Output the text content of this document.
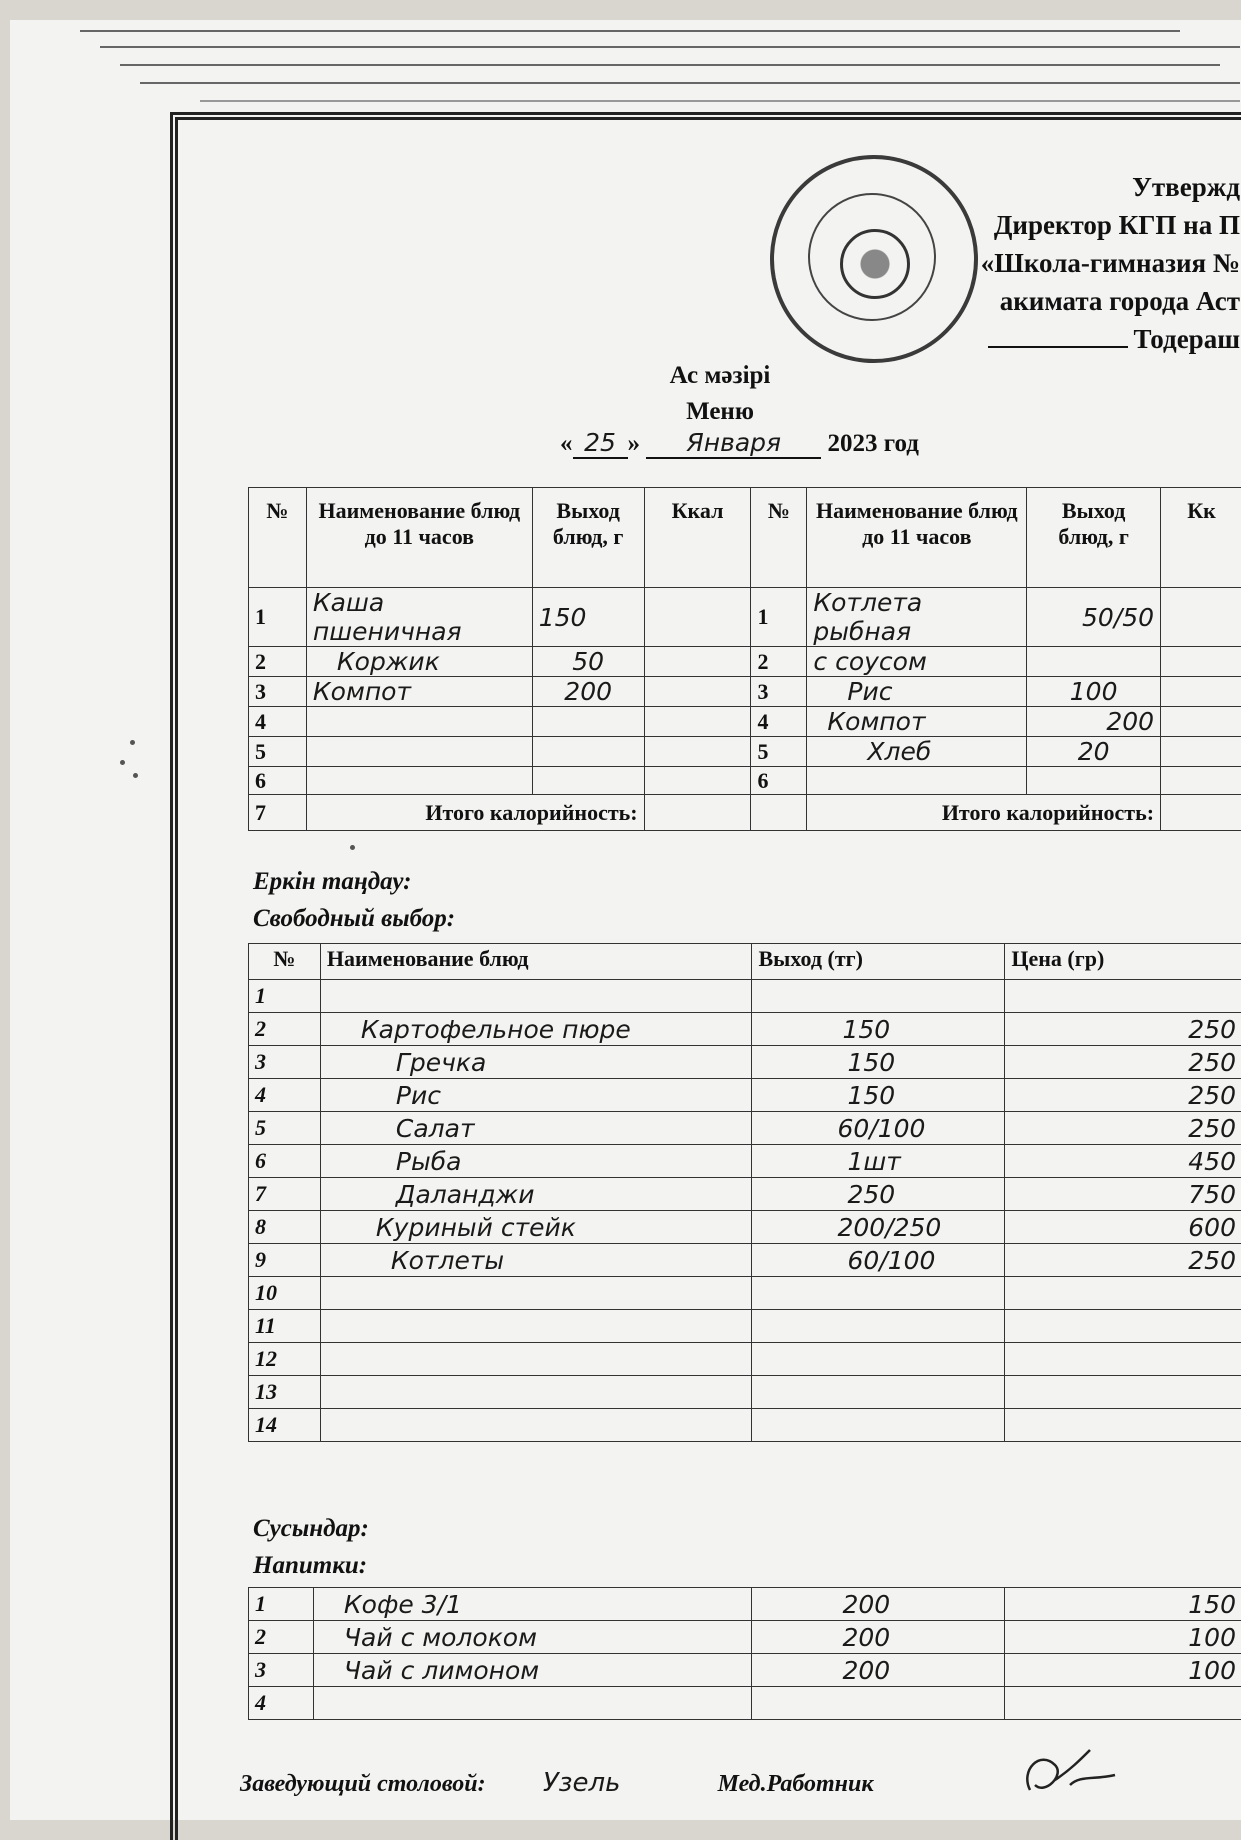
Утвержд
Директор КГП на П
«Школа-гимназия №
акимата города Аст
Тодераш
Ас мәзірі
Меню
« 25 » Января 2023 год
№	Наименование блюд до 11 часов	Выход блюд, г	Ккал	№	Наименование блюд до 11 часов	Выход блюд, г	Кк
1	Каша пшеничная	150		1	Котлета рыбная	50/50	
2	Коржик	50		2	с соусом		
3	Компот	200		3	Рис	100	
4				4	Компот	200	
5				5	Хлеб	20	
6				6			
7	Итого калорийность:				Итого калорийность:		
Еркін таңдау:
Свободный выбор:
№	Наименование блюд	Выход (тг)	Цена (гр)
1			
2	Картофельное пюре	150	250
3	Гречка	150	250
4	Рис	150	250
5	Салат	60/100	250
6	Рыба	1шт	450
7	Даланджи	250	750
8	Куриный стейк	200/250	600
9	Котлеты	60/100	250
10			
11			
12			
13			
14			
Сусындар:
Напитки:
1	Кофе 3/1	200	150
2	Чай с молоком	200	100
3	Чай с лимоном	200	100
4			
Заведующий столовой: Узель	Мед.Работник
